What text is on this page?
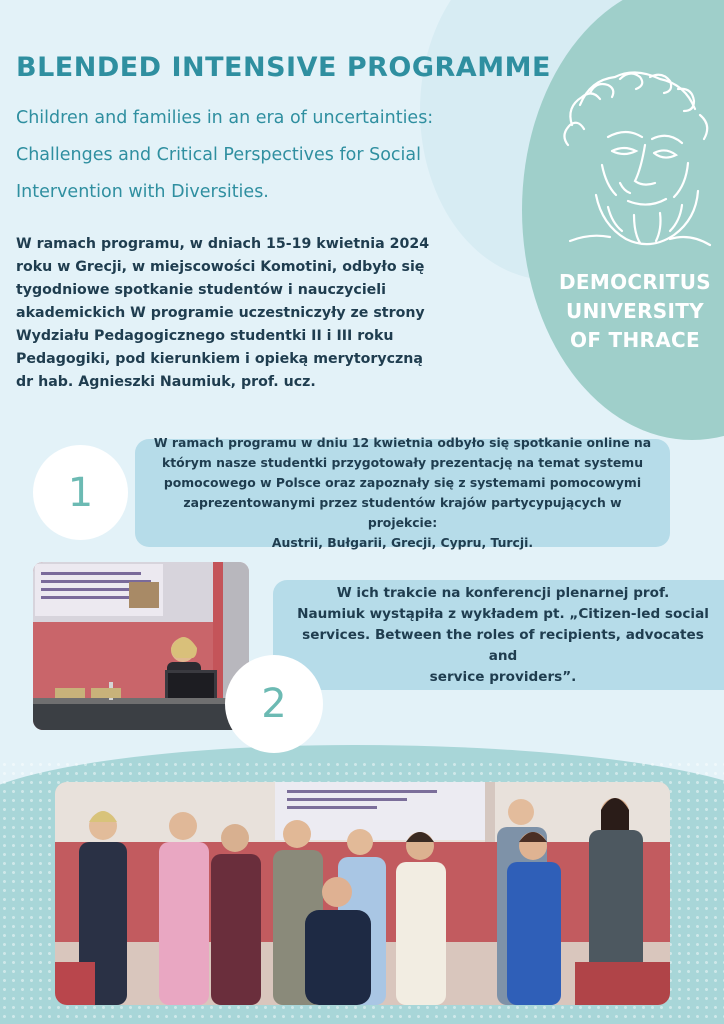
BLENDED INTENSIVE PROGRAMME
Children and families in an era of uncertainties:
Challenges and Critical Perspectives for Social
Intervention with Diversities.
W ramach programu, w dniach 15-19 kwietnia 2024
roku w Grecji, w miejscowości Komotini, odbyło się
tygodniowe spotkanie studentów i nauczycieli
akademickich W programie uczestniczyły ze strony
Wydziału Pedagogicznego studentki II i III roku
Pedagogiki, pod kierunkiem i opieką merytoryczną
dr hab. Agnieszki Naumiuk, prof. ucz.
DEMOCRITUS
UNIVERSITY
OF THRACE
1
W ramach programu w dniu 12 kwietnia odbyło się spotkanie online na
którym nasze studentki przygotowały prezentację na temat systemu
pomocowego w Polsce oraz zapoznały się z systemami pomocowymi
zaprezentowanymi przez studentów krajów partycypujących w projekcie:
Austrii, Bułgarii, Grecji, Cypru, Turcji.
2
W ich trakcie na konferencji plenarnej prof.
Naumiuk wystąpiła z wykładem pt. „Citizen-led social
services. Between the roles of recipients, advocates and
service providers”.
